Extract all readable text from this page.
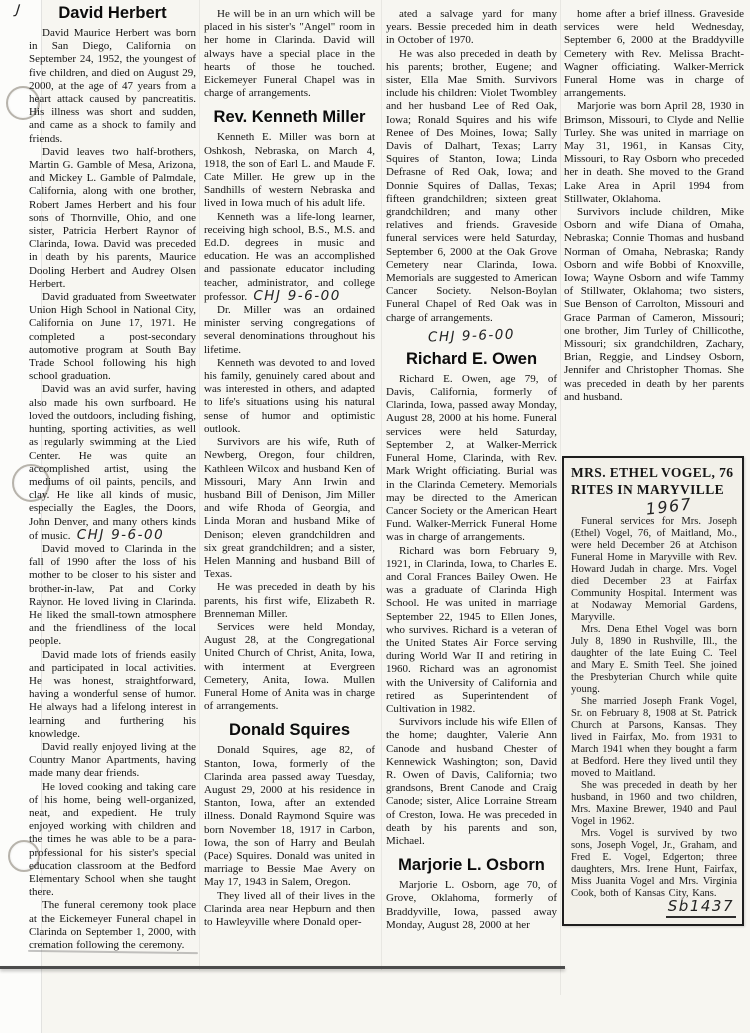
J	David Herbert

David Maurice Herbert was born in San Diego, California on September 24, 1952, the youngest of five children, and died on August 29, 2000, at the age of 47 years from a heart attack caused by pancreatitis. His illness was short and sudden, and came as a shock to family and friends.

David leaves two half-brothers, Martin G. Gamble of Mesa, Arizona, and Mickey L. Gamble of Palmdale, California, along with one brother, Robert James Herbert and his four sons of Thornville, Ohio, and one sister, Patricia Herbert Raynor of Clarinda, Iowa. David was preceded in death by his parents, Maurice Dooling Herbert and Audrey Olsen Herbert.

David graduated from Sweetwater Union High School in National City, California on June 17, 1971. He completed a post-secondary automotive program at South Bay Trade School following his high school graduation.

David was an avid surfer, having also made his own surfboard. He loved the outdoors, including fishing, hunting, sporting activities, as well as regularly swimming at the Lied Center. He was quite an accomplished artist, using the mediums of oil paints, pencils, and clay. He like all kinds of music, especially the Eagles, the Doors, John Denver, and many others kinds of music. CHJ 9-6-00

David moved to Clarinda in the fall of 1990 after the loss of his mother to be closer to his sister and brother-in-law, Pat and Corky Raynor. He loved living in Clarinda. He liked the small-town atmosphere and the friendliness of the local people.

David made lots of friends easily and participated in local activities. He was honest, straightforward, having a wonderful sense of humor. He always had a lifelong interest in learning and furthering his knowledge.

David really enjoyed living at the Country Manor Apartments, having made many dear friends.

He loved cooking and taking care of his home, being well-organized, neat, and expedient. He truly enjoyed working with children and the times he was able to be a para-professional for his sister's special education classroom at the Bedford Elementary School when she taught there.

The funeral ceremony took place at the Eickemeyer Funeral chapel in Clarinda on September 1, 2000, with cremation following the ceremony.

He will be in an urn which will be placed in his sister's "Angel" room in her home in Clarinda. David will always have a special place in the hearts of those he touched. Eickemeyer Funeral Chapel was in charge of arrangements.

Rev. Kenneth Miller

Kenneth E. Miller was born at Oshkosh, Nebraska, on March 4, 1918, the son of Earl L. and Maude F. Cate Miller. He grew up in the Sandhills of western Nebraska and lived in Iowa much of his adult life.

Kenneth was a life-long learner, receiving high school, B.S., M.S. and Ed.D. degrees in music and education. He was an accomplished and passionate educator including teacher, administrator, and college professor. CHJ 9-6-00

Dr. Miller was an ordained minister serving congregations of several denominations throughout his lifetime.

Kenneth was devoted to and loved his family, genuinely cared about and was interested in others, and adapted to life's situations using his natural sense of humor and optimistic outlook.

Survivors are his wife, Ruth of Newberg, Oregon, four children, Kathleen Wilcox and husband Ken of Missouri, Mary Ann Irwin and husband Bill of Denison, Jim Miller and wife Rhoda of Georgia, and Linda Moran and husband Mike of Denison; eleven grandchildren and six great grandchildren; and a sister, Helen Manning and husband Bill of Texas.

He was preceded in death by his parents, his first wife, Elizabeth R. Brenneman Miller.

Services were held Monday, August 28, at the Congregational United Church of Christ, Anita, Iowa, with interment at Evergreen Cemetery, Anita, Iowa. Mullen Funeral Home of Anita was in charge of arrangements.

Donald Squires

Donald Squires, age 82, of Stanton, Iowa, formerly of the Clarinda area passed away Tuesday, August 29, 2000 at his residence in Stanton, Iowa, after an extended illness. Donald Raymond Squire was born November 18, 1917 in Carbon, Iowa, the son of Harry and Beulah (Pace) Squires. Donald was united in marriage to Bessie Mae Avery on May 17, 1943 in Salem, Oregon.

They lived all of their lives in the Clarinda area near Hepburn and then to Hawleyville where Donald oper-

ated a salvage yard for many years. Bessie preceded him in death in October of 1970.

He was also preceded in death by his parents; brother, Eugene; and sister, Ella Mae Smith. Survivors include his children: Violet Twombley and her husband Lee of Red Oak, Iowa; Ronald Squires and his wife Renee of Des Moines, Iowa; Sally Davis of Dalhart, Texas; Larry Squires of Stanton, Iowa; Linda Defrasne of Red Oak, Iowa; and Donnie Squires of Dallas, Texas; fifteen grandchildren; sixteen great grandchildren; and many other relatives and friends. Graveside funeral services were held Saturday, September 6, 2000 at the Oak Grove Cemetery near Clarinda, Iowa. Memorials are suggested to American Cancer Society. Nelson-Boylan Funeral Chapel of Red Oak was in charge of arrangements.

CHJ 9-6-00
Richard E. Owen

Richard E. Owen, age 79, of Davis, California, formerly of Clarinda, Iowa, passed away Monday, August 28, 2000 at his home. Funeral services were held Saturday, September 2, at Walker-Merrick Funeral Home, Clarinda, with Rev. Mark Wright officiating. Burial was in the Clarinda Cemetery. Memorials may be directed to the American Cancer Society or the American Heart Fund. Walker-Merrick Funeral Home was in charge of arrangements.

Richard was born February 9, 1921, in Clarinda, Iowa, to Charles E. and Coral Frances Bailey Owen. He was a graduate of Clarinda High School. He was united in marriage September 22, 1945 to Ellen Jones, who survives. Richard is a veteran of the United States Air Force serving during World War II and retiring in 1960. Richard was an agronomist with the University of California and retired as Superintendent of Cultivation in 1982.

Survivors include his wife Ellen of the home; daughter, Valerie Ann Canode and husband Chester of Kennewick Washington; son, David R. Owen of Davis, California; two grandsons, Brent Canode and Craig Canode; sister, Alice Lorraine Stream of Creston, Iowa. He was preceded in death by his parents and son, Michael.

Marjorie L. Osborn

Marjorie L. Osborn, age 70, of Grove, Oklahoma, formerly of Braddyville, Iowa, passed away Monday, August 28, 2000 at her

home after a brief illness. Graveside services were held Wednesday, September 6, 2000 at the Braddyville Cemetery with Rev. Melissa Bracht-Wagner officiating. Walker-Merrick Funeral Home was in charge of arrangements.

Marjorie was born April 28, 1930 in Brimson, Missouri, to Clyde and Nellie Turley. She was united in marriage on May 31, 1961, in Kansas City, Missouri, to Ray Osborn who preceded her in death. She moved to the Grand Lake Area in April 1994 from Stillwater, Oklahoma.

Survivors include children, Mike Osborn and wife Diana of Omaha, Nebraska; Connie Thomas and husband Norman of Omaha, Nebraska; Randy Osborn and wife Bobbi of Knoxville, Iowa; Wayne Osborn and wife Tammy of Stillwater, Oklahoma; two sisters, Sue Benson of Carrolton, Missouri and Grace Parman of Cameron, Missouri; one brother, Jim Turley of Chillicothe, Missouri; six grandchildren, Zachary, Brian, Reggie, and Lindsey Osborn, Jennifer and Christopher Thomas. She was preceded in death by her parents and husband.

MRS. ETHEL VOGEL, 76
RITES IN MARYVILLE
1967

Funeral services for Mrs. Joseph (Ethel) Vogel, 76, of Maitland, Mo., were held December 26 at Atchison Funeral Home in Maryville with Rev. Howard Judah in charge. Mrs. Vogel died December 23 at Fairfax Community Hospital. Interment was at Nodaway Memorial Gardens, Maryville.

Mrs. Dena Ethel Vogel was born July 8, 1890 in Rushville, Ill., the daughter of the late Euing C. Teel and Mary E. Smith Teel. She joined the Presbyterian Church while quite young.

She married Joseph Frank Vogel, Sr. on February 8, 1908 at St. Patrick Church at Parsons, Kansas. They lived in Fairfax, Mo. from 1931 to March 1941 when they bought a farm at Bedford. Here they lived until they moved to Maitland.

She was preceded in death by her husband, in 1960 and two children, Mrs. Maxine Brewer, 1940 and Paul Vogel in 1962.

Mrs. Vogel is survived by two sons, Joseph Vogel, Jr., Graham, and Fred E. Vogel, Edgerton; three daughters, Mrs. Irene Hunt, Fairfax, Miss Juanita Vogel and Mrs. Virginia Cook, both of Kansas City, Kans.

Sb1437
